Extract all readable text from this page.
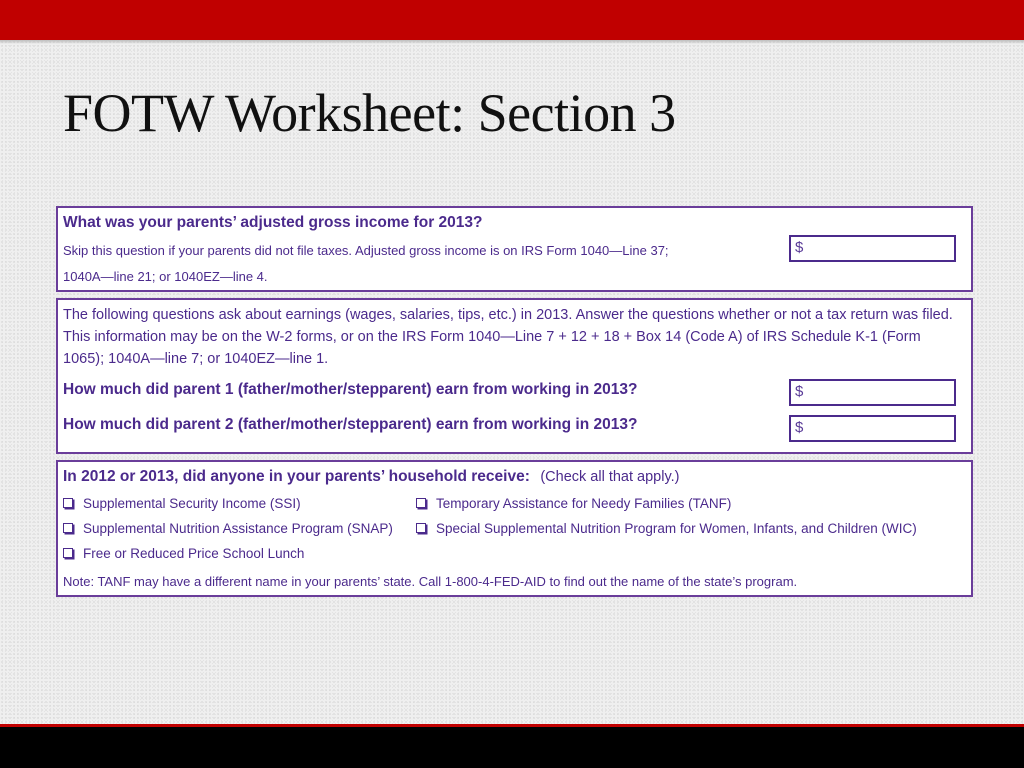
FOTW Worksheet: Section 3
What was your parents’ adjusted gross income for 2013?
Skip this question if your parents did not file taxes. Adjusted gross income is on IRS Form 1040—Line 37;
1040A—line 21; or 1040EZ—line 4.
$
The following questions ask about earnings (wages, salaries, tips, etc.) in 2013. Answer the questions whether or not a tax return was filed. This information may be on the W-2 forms, or on the IRS Form 1040—Line 7 + 12 + 18 + Box 14 (Code A) of IRS Schedule K-1 (Form 1065); 1040A—line 7; or 1040EZ—line 1.
How much did parent 1 (father/mother/stepparent) earn from working in 2013?
How much did parent 2 (father/mother/stepparent) earn from working in 2013?
$
$
In 2012 or 2013, did anyone in your parents’ household receive: (Check all that apply.)
Supplemental Security Income (SSI)	Temporary Assistance for Needy Families (TANF)
Supplemental Nutrition Assistance Program (SNAP)	Special Supplemental Nutrition Program for Women, Infants, and Children (WIC)
Free or Reduced Price School Lunch
Note: TANF may have a different name in your parents’ state. Call 1-800-4-FED-AID to find out the name of the state’s program.
